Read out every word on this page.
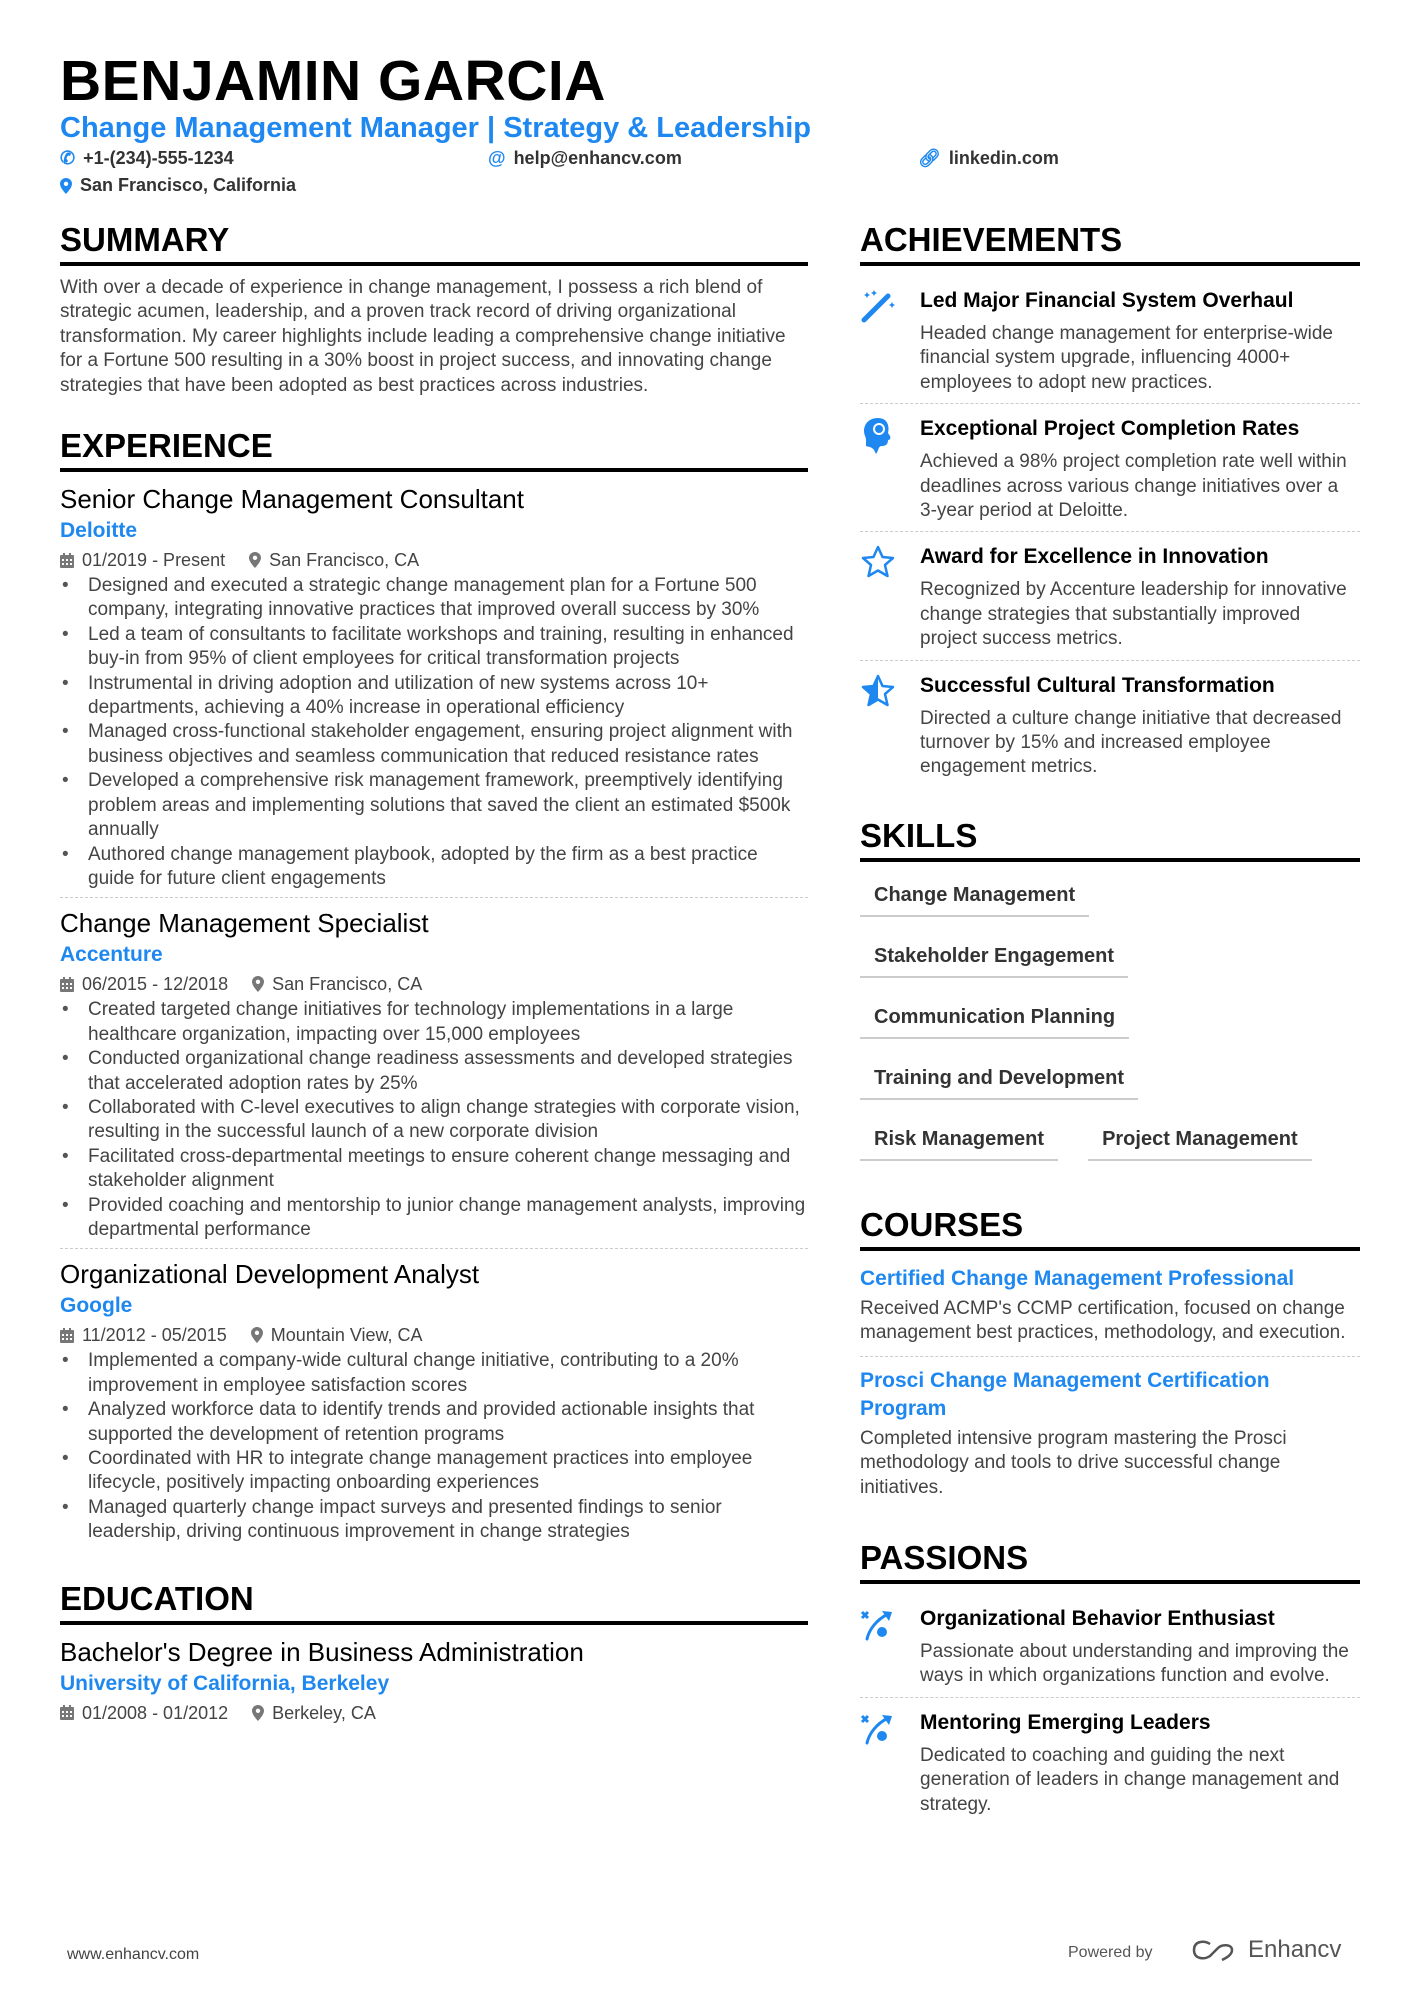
BENJAMIN GARCIA
Change Management Manager | Strategy & Leadership
✆ +1-(234)-555-1234	@ help@enhancv.com	🔗︎ linkedin.com
San Francisco, California
SUMMARY
With over a decade of experience in change management, I possess a rich blend of strategic acumen, leadership, and a proven track record of driving organizational transformation. My career highlights include leading a comprehensive change initiative for a Fortune 500 resulting in a 30% boost in project success, and innovating change strategies that have been adopted as best practices across industries.
EXPERIENCE
Senior Change Management Consultant
Deloitte
01/2019 - Present San Francisco, CA
• Designed and executed a strategic change management plan for a Fortune 500 company, integrating innovative practices that improved overall success by 30%
• Led a team of consultants to facilitate workshops and training, resulting in enhanced buy-in from 95% of client employees for critical transformation projects
• Instrumental in driving adoption and utilization of new systems across 10+ departments, achieving a 40% increase in operational efficiency
• Managed cross-functional stakeholder engagement, ensuring project alignment with business objectives and seamless communication that reduced resistance rates
• Developed a comprehensive risk management framework, preemptively identifying problem areas and implementing solutions that saved the client an estimated $500k annually
• Authored change management playbook, adopted by the firm as a best practice guide for future client engagements
Change Management Specialist
Accenture
06/2015 - 12/2018 San Francisco, CA
• Created targeted change initiatives for technology implementations in a large healthcare organization, impacting over 15,000 employees
• Conducted organizational change readiness assessments and developed strategies that accelerated adoption rates by 25%
• Collaborated with C-level executives to align change strategies with corporate vision, resulting in the successful launch of a new corporate division
• Facilitated cross-departmental meetings to ensure coherent change messaging and stakeholder alignment
• Provided coaching and mentorship to junior change management analysts, improving departmental performance
Organizational Development Analyst
Google
11/2012 - 05/2015 Mountain View, CA
• Implemented a company-wide cultural change initiative, contributing to a 20% improvement in employee satisfaction scores
• Analyzed workforce data to identify trends and provided actionable insights that supported the development of retention programs
• Coordinated with HR to integrate change management practices into employee lifecycle, positively impacting onboarding experiences
• Managed quarterly change impact surveys and presented findings to senior leadership, driving continuous improvement in change strategies
EDUCATION
Bachelor's Degree in Business Administration
University of California, Berkeley
01/2008 - 01/2012 Berkeley, CA
ACHIEVEMENTS
Led Major Financial System Overhaul
Headed change management for enterprise-wide financial system upgrade, influencing 4000+ employees to adopt new practices.
Exceptional Project Completion Rates
Achieved a 98% project completion rate well within deadlines across various change initiatives over a 3-year period at Deloitte.
Award for Excellence in Innovation
Recognized by Accenture leadership for innovative change strategies that substantially improved project success metrics.
Successful Cultural Transformation
Directed a culture change initiative that decreased turnover by 15% and increased employee engagement metrics.
SKILLS
Change Management
Stakeholder Engagement
Communication Planning
Training and Development
Risk Management	Project Management
COURSES
Certified Change Management Professional
Received ACMP's CCMP certification, focused on change management best practices, methodology, and execution.
Prosci Change Management Certification Program
Completed intensive program mastering the Prosci methodology and tools to drive successful change initiatives.
PASSIONS
Organizational Behavior Enthusiast
Passionate about understanding and improving the ways in which organizations function and evolve.
Mentoring Emerging Leaders
Dedicated to coaching and guiding the next generation of leaders in change management and strategy.
www.enhancv.com	Powered by	Enhancv
